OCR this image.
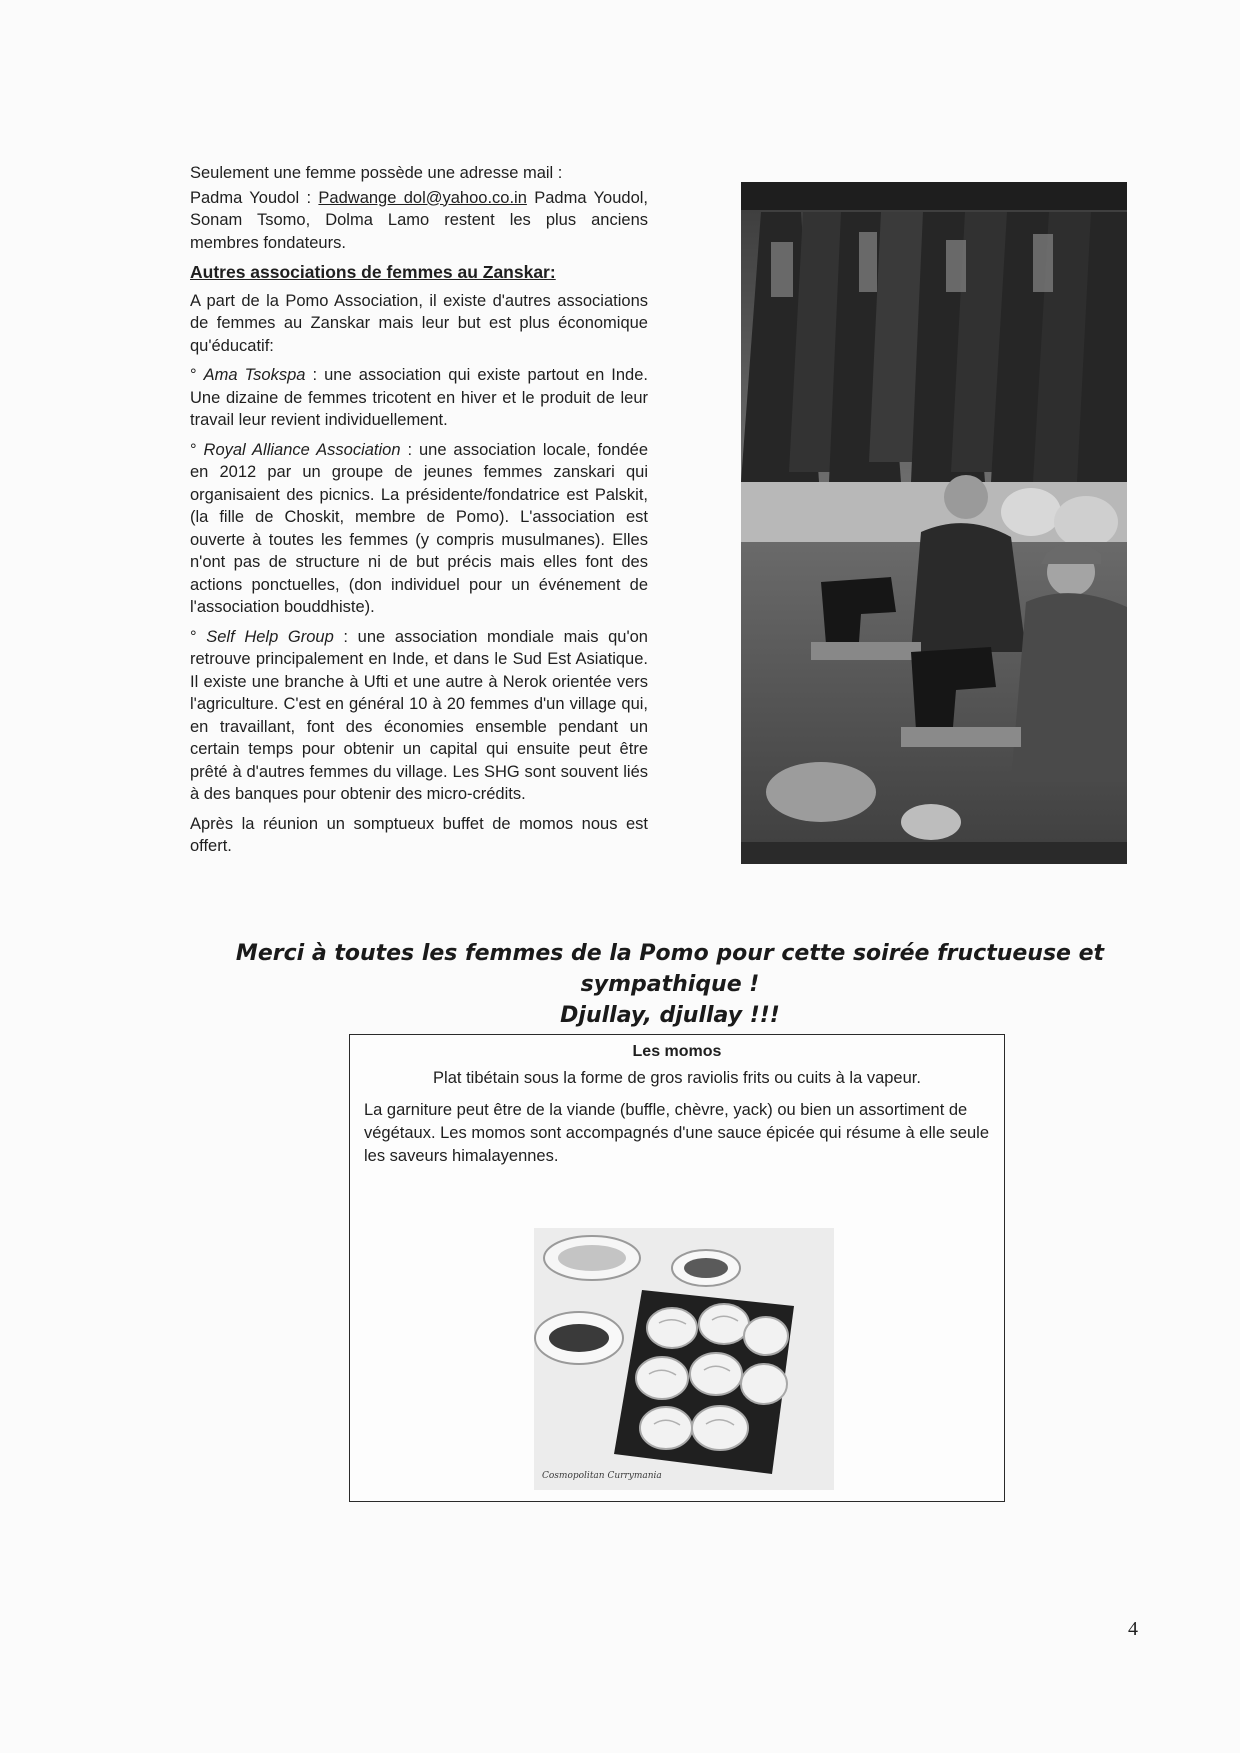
Seulement une femme possède une adresse mail :

Padma Youdol : Padwange dol@yahoo.co.in Padma Youdol, Sonam Tsomo, Dolma Lamo restent les plus anciens membres fondateurs.

Autres associations de femmes au Zanskar:

A part de la Pomo Association, il existe d'autres associations de femmes au Zanskar mais leur but est plus économique qu'éducatif:

° Ama Tsokspa : une association qui existe partout en Inde. Une dizaine de femmes tricotent en hiver et le produit de leur travail leur revient individuellement.

° Royal Alliance Association : une association locale, fondée en 2012 par un groupe de jeunes femmes zanskari qui organisaient des picnics. La présidente/fondatrice est Palskit, (la fille de Choskit, membre de Pomo). L'association est ouverte à toutes les femmes (y compris musulmanes). Elles n'ont pas de structure ni de but précis mais elles font des actions ponctuelles, (don individuel pour un événement de l'association bouddhiste).

° Self Help Group : une association mondiale mais qu'on retrouve principalement en Inde, et dans le Sud Est Asiatique. Il existe une branche à Ufti et une autre à Nerok orientée vers l'agriculture. C'est en général 10 à 20 femmes d'un village qui, en travaillant, font des économies ensemble pendant un certain temps pour obtenir un capital qui ensuite peut être prêté à d'autres femmes du village. Les SHG sont souvent liés à des banques pour obtenir des micro-crédits.

Après la réunion un somptueux buffet de momos nous est offert.

Merci à toutes les femmes de la Pomo pour cette soirée fructueuse et sympathique !
Djullay, djullay !!!
Les momos
Plat tibétain sous la forme de gros raviolis frits ou cuits à la vapeur.
La garniture peut être de la viande (buffle, chèvre, yack) ou bien un assortiment de végétaux. Les momos sont accompagnés d'une sauce épicée qui résume à elle seule les saveurs himalayennes.
Cosmopolitan Currymania
4
